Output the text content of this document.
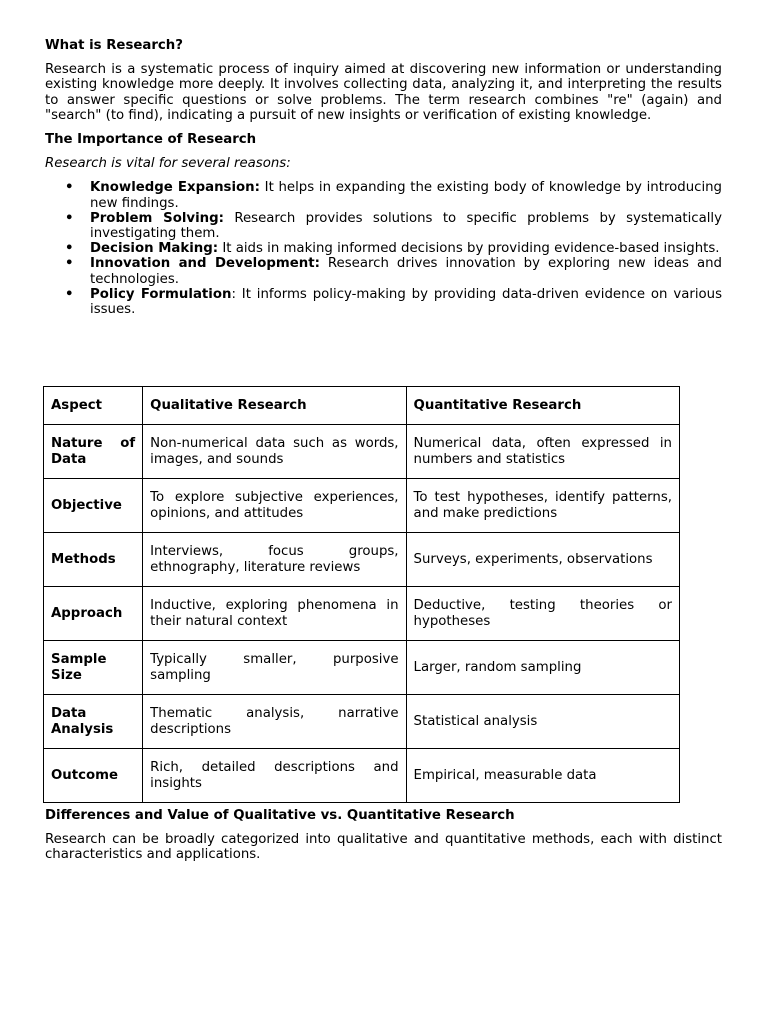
What is Research?

Research is a systematic process of inquiry aimed at discovering new information or understanding existing knowledge more deeply. It involves collecting data, analyzing it, and interpreting the results to answer specific questions or solve problems. The term research combines "re" (again) and "search" (to find), indicating a pursuit of new insights or verification of existing knowledge.

The Importance of Research

Research is vital for several reasons:

• Knowledge Expansion: It helps in expanding the existing body of knowledge by introducing new findings.
• Problem Solving: Research provides solutions to specific problems by systematically investigating them.
• Decision Making: It aids in making informed decisions by providing evidence-based insights.
• Innovation and Development: Research drives innovation by exploring new ideas and technologies.
• Policy Formulation: It informs policy-making by providing data-driven evidence on various issues.
Aspect	Qualitative Research	Quantitative Research
Nature of Data	Non-numerical data such as words, images, and sounds	Numerical data, often expressed in numbers and statistics
Objective	To explore subjective experiences, opinions, and attitudes	To test hypotheses, identify patterns, and make predictions
Methods	Interviews, focus groups, ethnography, literature reviews	Surveys, experiments, observations
Approach	Inductive, exploring phenomena in their natural context	Deductive, testing theories or hypotheses
Sample Size	Typically smaller, purposive sampling	Larger, random sampling
Data Analysis	Thematic analysis, narrative descriptions	Statistical analysis
Outcome	Rich, detailed descriptions and insights	Empirical, measurable data
Differences and Value of Qualitative vs. Quantitative Research

Research can be broadly categorized into qualitative and quantitative methods, each with distinct characteristics and applications.
